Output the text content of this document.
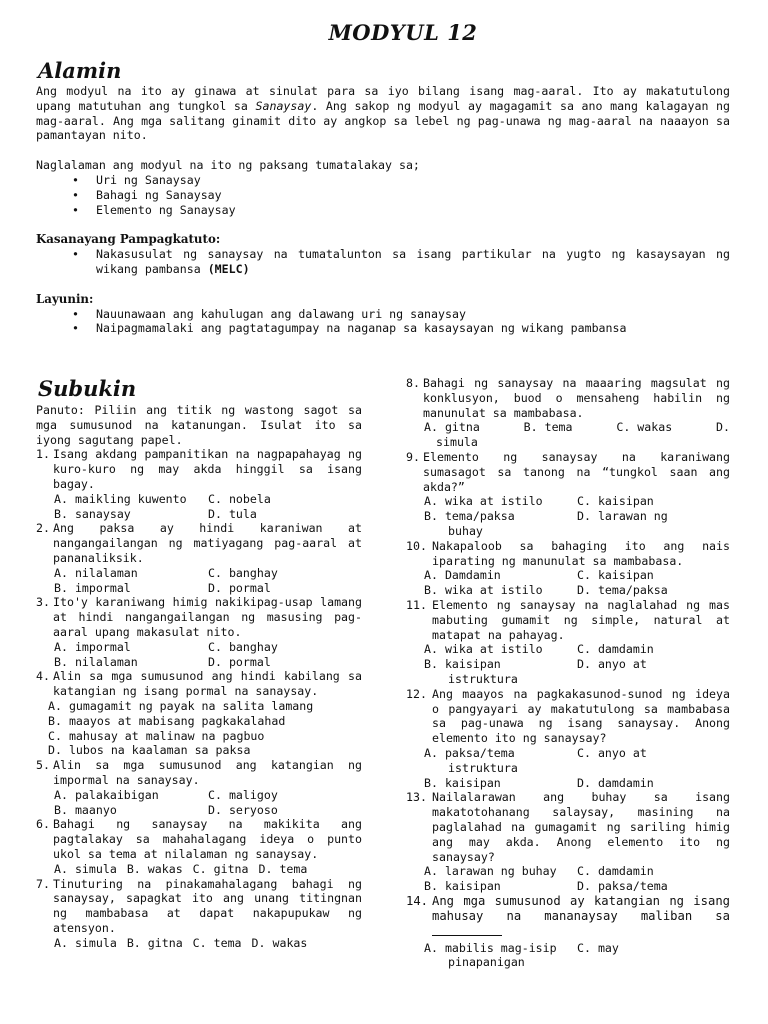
MODYUL 12
Alamin

Ang modyul na ito ay ginawa at sinulat para sa iyo bilang isang mag-aaral. Ito ay makatutulong upang matutuhan ang tungkol sa Sanaysay. Ang sakop ng modyul ay magagamit sa ano mang kalagayan ng mag-aaral. Ang mga salitang ginamit dito ay angkop sa lebel ng pag-unawa ng mag-aaral na naaayon sa pamantayan nito.

Naglalaman ang modyul na ito ng paksang tumatalakay sa;

• Uri ng Sanaysay
• Bahagi ng Sanaysay
• Elemento ng Sanaysay

Kasanayang Pampagkatuto:

• Nakasusulat ng sanaysay na tumatalunton sa isang partikular na yugto ng kasaysayan ng wikang pambansa (MELC)

Layunin:

• Nauunawaan ang kahulugan ang dalawang uri ng sanaysay
• Naipagmamalaki ang pagtatagumpay na naganap sa kasaysayan ng wikang pambansa
Subukin

Panuto: Piliin ang titik ng wastong sagot sa mga sumusunod na katanungan. Isulat ito sa iyong sagutang papel.

1. Isang akdang pampanitikan na nagpapahayag ng kuro-kuro ng may akda hinggil sa isang bagay.
A. maikling kuwento	C. nobela
B. sanaysay	D. tula
2. Ang paksa ay hindi karaniwan at nangangailangan ng matiyagang pag-aaral at pananaliksik.
A. nilalaman	C. banghay
B. impormal	D. pormal
3. Ito'y karaniwang himig nakikipag-usap lamang at hindi nangangailangan ng masusing pag-aaral upang makasulat nito.
A. impormal	C. banghay
B. nilalaman	D. pormal
4. Alin sa mga sumusunod ang hindi kabilang sa katangian ng isang pormal na sanaysay.
A. gumagamit ng payak na salita lamang
B. maayos at mabisang pagkakalahad
C. mahusay at malinaw na pagbuo
D. lubos na kaalaman sa paksa
5. Alin sa mga sumusunod ang katangian ng impormal na sanaysay.
A. palakaibigan	C. maligoy
B. maanyo	D. seryoso
6. Bahagi ng sanaysay na makikita ang pagtalakay sa mahahalagang ideya o punto ukol sa tema at nilalaman ng sanaysay.
A. simula B. wakas C. gitna D. tema
7. Tinuturing na pinakamahalagang bahagi ng sanaysay, sapagkat ito ang unang titingnan ng mambabasa at dapat nakapupukaw ng atensyon.
A. simula B. gitna C. tema D. wakas
8. Bahagi ng sanaysay na maaaring magsulat ng konklusyon, buod o mensaheng habilin ng manunulat sa mambabasa.
A. gitna	B. tema	C. wakas	D.
simula
9. Elemento ng sanaysay na karaniwang sumasagot sa tanong na “tungkol saan ang akda?”
A. wika at istilo	C. kaisipan
B. tema/paksa	D. larawan ng
buhay
10. Nakapaloob sa bahaging ito ang nais iparating ng manunulat sa mambabasa.
A. Damdamin	C. kaisipan
B. wika at istilo	D. tema/paksa
11. Elemento ng sanaysay na naglalahad ng mas mabuting gumamit ng simple, natural at matapat na pahayag.
A. wika at istilo	C. damdamin
B. kaisipan	D. anyo at
istruktura
12. Ang maayos na pagkakasunod-sunod ng ideya o pangyayari ay makatutulong sa mambabasa sa pag-unawa ng isang sanaysay. Anong elemento ito ng sanaysay?
A. paksa/tema	C. anyo at
istruktura
B. kaisipan	D. damdamin
13. Nailalarawan ang buhay sa isang makatotohanang salaysay, masining na paglalahad na gumagamit ng sariling himig ang may akda. Anong elemento ito ng sanaysay?
A. larawan ng buhay	C. damdamin
B. kaisipan	D. paksa/tema
14. Ang mga sumusunod ay katangian ng isang mahusay na mananaysay maliban sa
A. mabilis mag-isip	C. may
pinapanigan
